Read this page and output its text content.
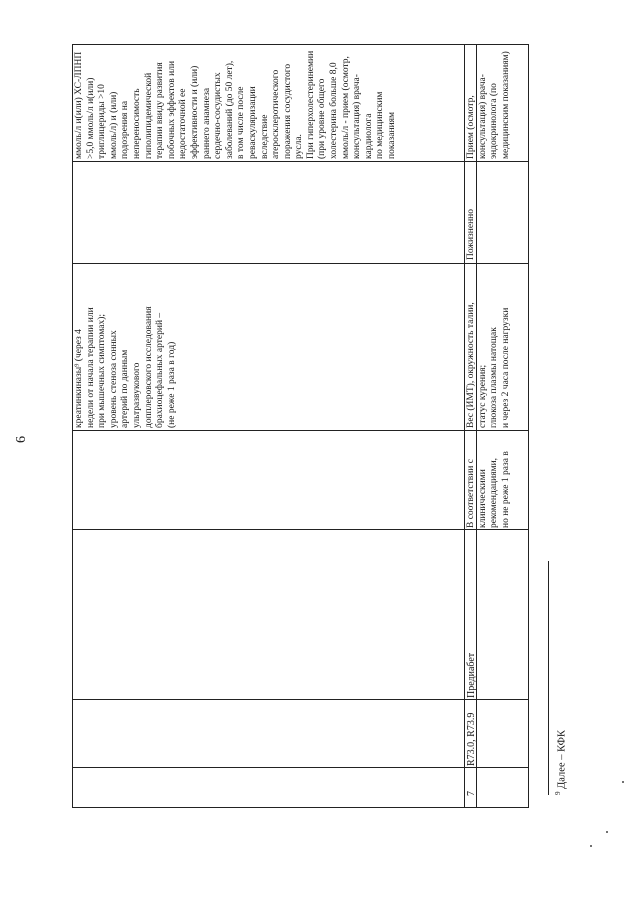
6
креатинкиназы⁹ (через 4 недели от начала терапии или при мышечных симптомах); уровень стеноза сонных артерий по данным ультразвукового допплеровского исследования брахиоцефальных артерий – (не реже 1 раза в год)
ммоль/л и(или) ХС-ЛПНП >5,0 ммоль/л и(или) триглицериды >10 ммоль/л) и (или) подозрения на непереносимость гиполипидемической терапии ввиду развития побочных эффектов или недостаточной ее эффективности и (или) раннего анамнеза сердечно-сосудистых заболеваний (до 50 лет), в том числе после реваскуляризации вследствие атеросклеротического поражения сосудистого русла. При гиперхолестеринемии (при уровне общего холестерина больше 8,0 ммоль/л - прием (осмотр, консультация) врача- кардиолога по медицинским показаниям
7
R73.0, R73.9
Предиабет
В соответствии с клиническими рекомендациями, но не реже 1 раза в
Вес (ИМТ), окружность талии, статус курения; глюкоза плазмы натощак и через 2 часа после нагрузки
Пожизненно
Прием (осмотр, консультация) врача- эндокринолога (по медицинским показаниям)
$^9$ Далее – КФК
